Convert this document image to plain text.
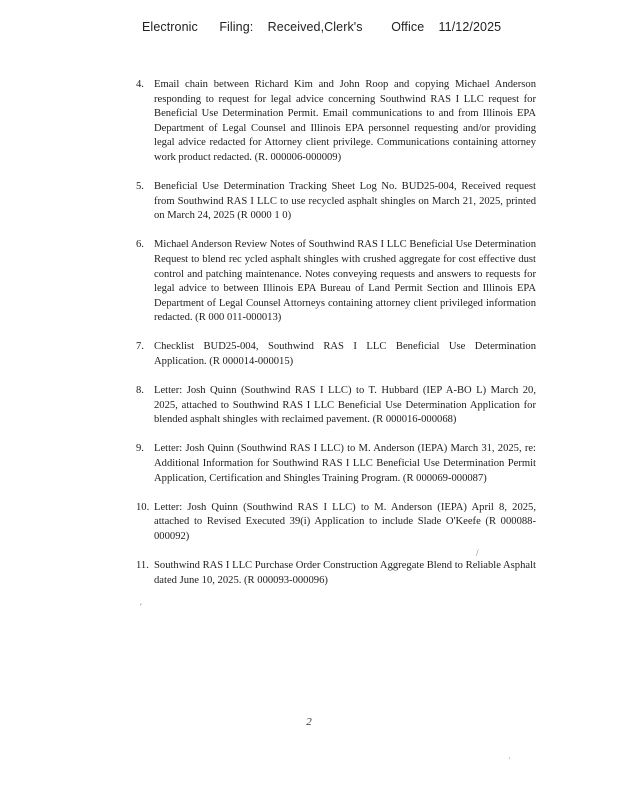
Electronic      Filing:    Received,Clerk's        Office    11/12/2025
4. Email chain between Richard Kim and John Roop and copying Michael Anderson responding to request for legal advice concerning Southwind RAS I LLC request for Beneficial Use Determination Permit. Email communications to and from Illinois EPA Department of Legal Counsel and Illinois EPA personnel requesting and/or providing legal advice redacted for Attorney client privilege. Communications containing attorney work product redacted. (R. 000006-000009)
5. Beneficial Use Determination Tracking Sheet Log No. BUD25-004, Received request from Southwind RAS I LLC to use recycled asphalt shingles on March 21, 2025, printed on March 24, 2025 (R 0000 1 0)
6. Michael Anderson Review Notes of Southwind RAS I LLC Beneficial Use Determination Request to blend rec ycled asphalt shingles with crushed aggregate for cost effective dust control and patching maintenance. Notes conveying requests and answers to requests for legal advice to between Illinois EPA Bureau of Land Permit Section and Illinois EPA Department of Legal Counsel Attorneys containing attorney client privileged information redacted. (R 000 011-000013)
7. Checklist BUD25-004, Southwind RAS I LLC Beneficial Use Determination Application. (R 000014-000015)
8. Letter: Josh Quinn (Southwind RAS I LLC) to T. Hubbard (IEP A-BO L) March 20, 2025, attached to Southwind RAS I LLC Beneficial Use Determination Application for blended asphalt shingles with reclaimed pavement. (R 000016-000068)
9. Letter: Josh Quinn (Southwind RAS I LLC) to M. Anderson (IEPA) March 31, 2025, re: Additional Information for Southwind RAS I LLC Beneficial Use Determination Permit Application, Certification and Shingles Training Program. (R 000069-000087)
10. Letter: Josh Quinn (Southwind RAS I LLC) to M. Anderson (IEPA) April 8, 2025, attached to Revised Executed 39(i) Application to include Slade O'Keefe (R 000088-000092)
11. Southwind RAS I LLC Purchase Order Construction Aggregate Blend to Reliable Asphalt dated June 10, 2025. (R 000093-000096)
/
′
˙
2
